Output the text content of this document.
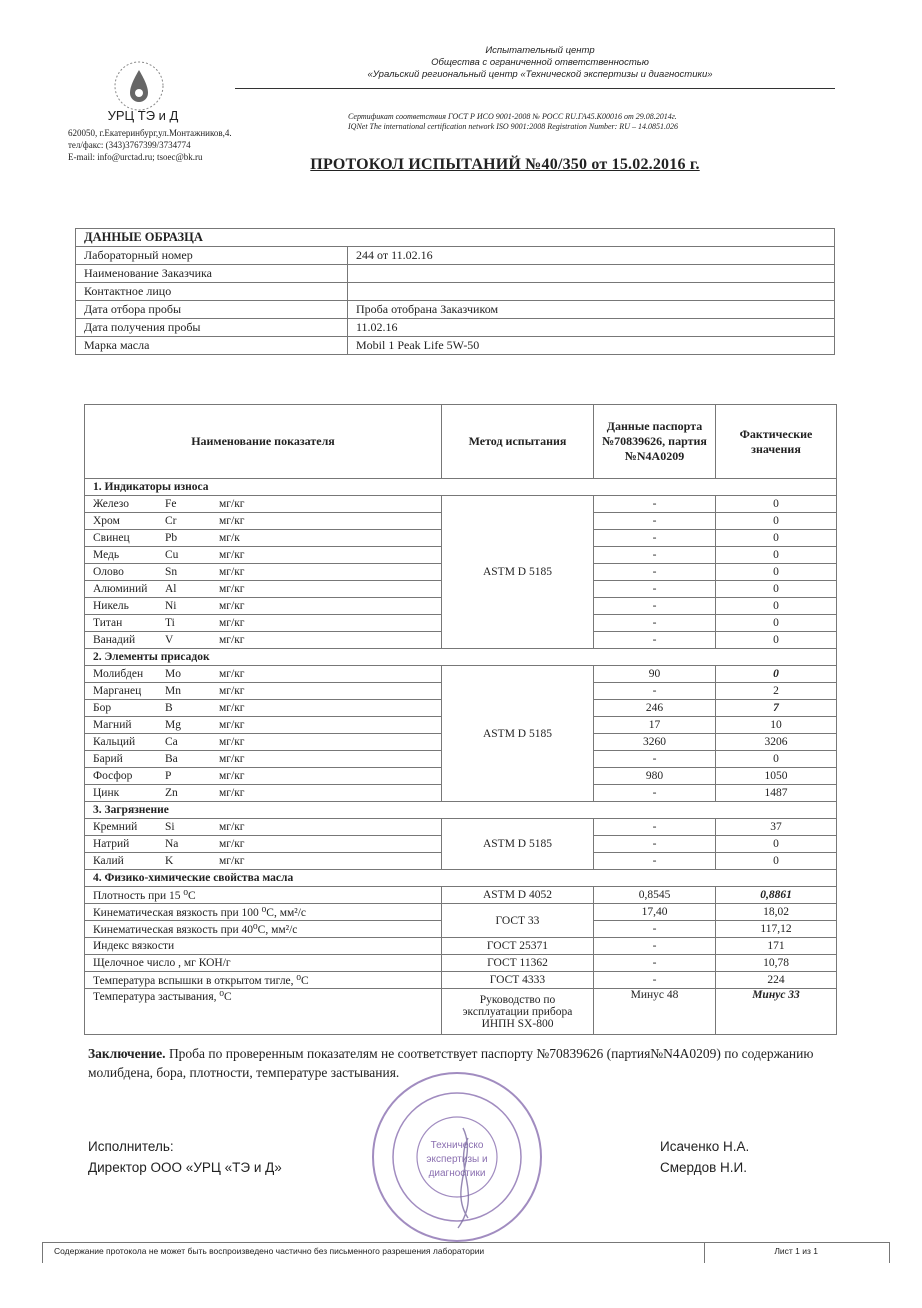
УРЦ ТЭ и Д
620050, г.Екатеринбург,ул.Монтажников,4.
тел/факс: (343)3767399/3734774
E-mail: info@urctad.ru; tsoec@bk.ru
Испытательный центр
Общества с ограниченной ответственностью
«Уральский региональный центр «Технической экспертизы и диагностики»
Сертификат соответствия ГОСТ Р ИСО 9001-2008 № РОСС RU.ГА45.К00016 от 29.08.2014г.
IQNet The international certification network ISO 9001:2008 Registration Number: RU – 14.0851.026
ПРОТОКОЛ ИСПЫТАНИЙ №40/350 от 15.02.2016 г.
ДАННЫЕ ОБРАЗЦА	
Лабораторный номер	244 от 11.02.16
Наименование Заказчика	
Контактное лицо	
Дата отбора пробы	Проба отобрана Заказчиком
Дата получения пробы	11.02.16
Марка масла	Mobil 1 Peak Life 5W-50
Наименование показателя	Метод испытания	Данные паспорта №70839626, партия №N4A0209	Фактические значения
1. Индикаторы износа			
Железо Fe мг/кг	ASTM D 5185	-	0
Хром Cr мг/кг		-	0
Свинец Pb мг/к		-	0
Медь Cu мг/кг		-	0
Олово Sn мг/кг		-	0
Алюминий Al мг/кг		-	0
Никель Ni мг/кг		-	0
Титан Ti мг/кг		-	0
Ванадий V мг/кг		-	0
2. Элементы присадок			
Молибден Mo мг/кг	ASTM D 5185	90	0
Марганец Mn мг/кг		-	2
Бор B мг/кг		246	7
Магний Mg мг/кг		17	10
Кальций Ca мг/кг		3260	3206
Барий Ba мг/кг		-	0
Фосфор P мг/кг		980	1050
Цинк Zn мг/кг		-	1487
3. Загрязнение			
Кремний Si мг/кг	ASTM D 5185	-	37
Натрий Na мг/кг		-	0
Калий K мг/кг		-	0
4. Физико-химические свойства масла			
Плотность при 15 ⁰С	ASTM D 4052	0,8545	0,8861
Кинематическая вязкость при 100 ⁰С, мм²/с	ГОСТ 33	17,40	18,02
Кинематическая вязкость при 40⁰С, мм²/с		-	117,12
Индекс вязкости	ГОСТ 25371	-	171
Щелочное число , мг КОН/г	ГОСТ 11362	-	10,78
Температура вспышки в открытом тигле, ⁰С	ГОСТ 4333	-	224
Температура застывания, ⁰С	Руководство по эксплуатации прибора ИНПН SX-800	Минус 48	Минус 33
Заключение. Проба по проверенным показателям не соответствует паспорту №70839626 (партия№N4A0209) по содержанию молибдена, бора, плотности, температуре застывания.
Техническо
экспертизы и
диагностики
Исполнитель:
Директор ООО «УРЦ «ТЭ и Д»
Исаченко Н.А.
Смердов Н.И.
Содержание протокола не может быть воспроизведено частично без письменного разрешения лаборатории	Лист 1 из 1
